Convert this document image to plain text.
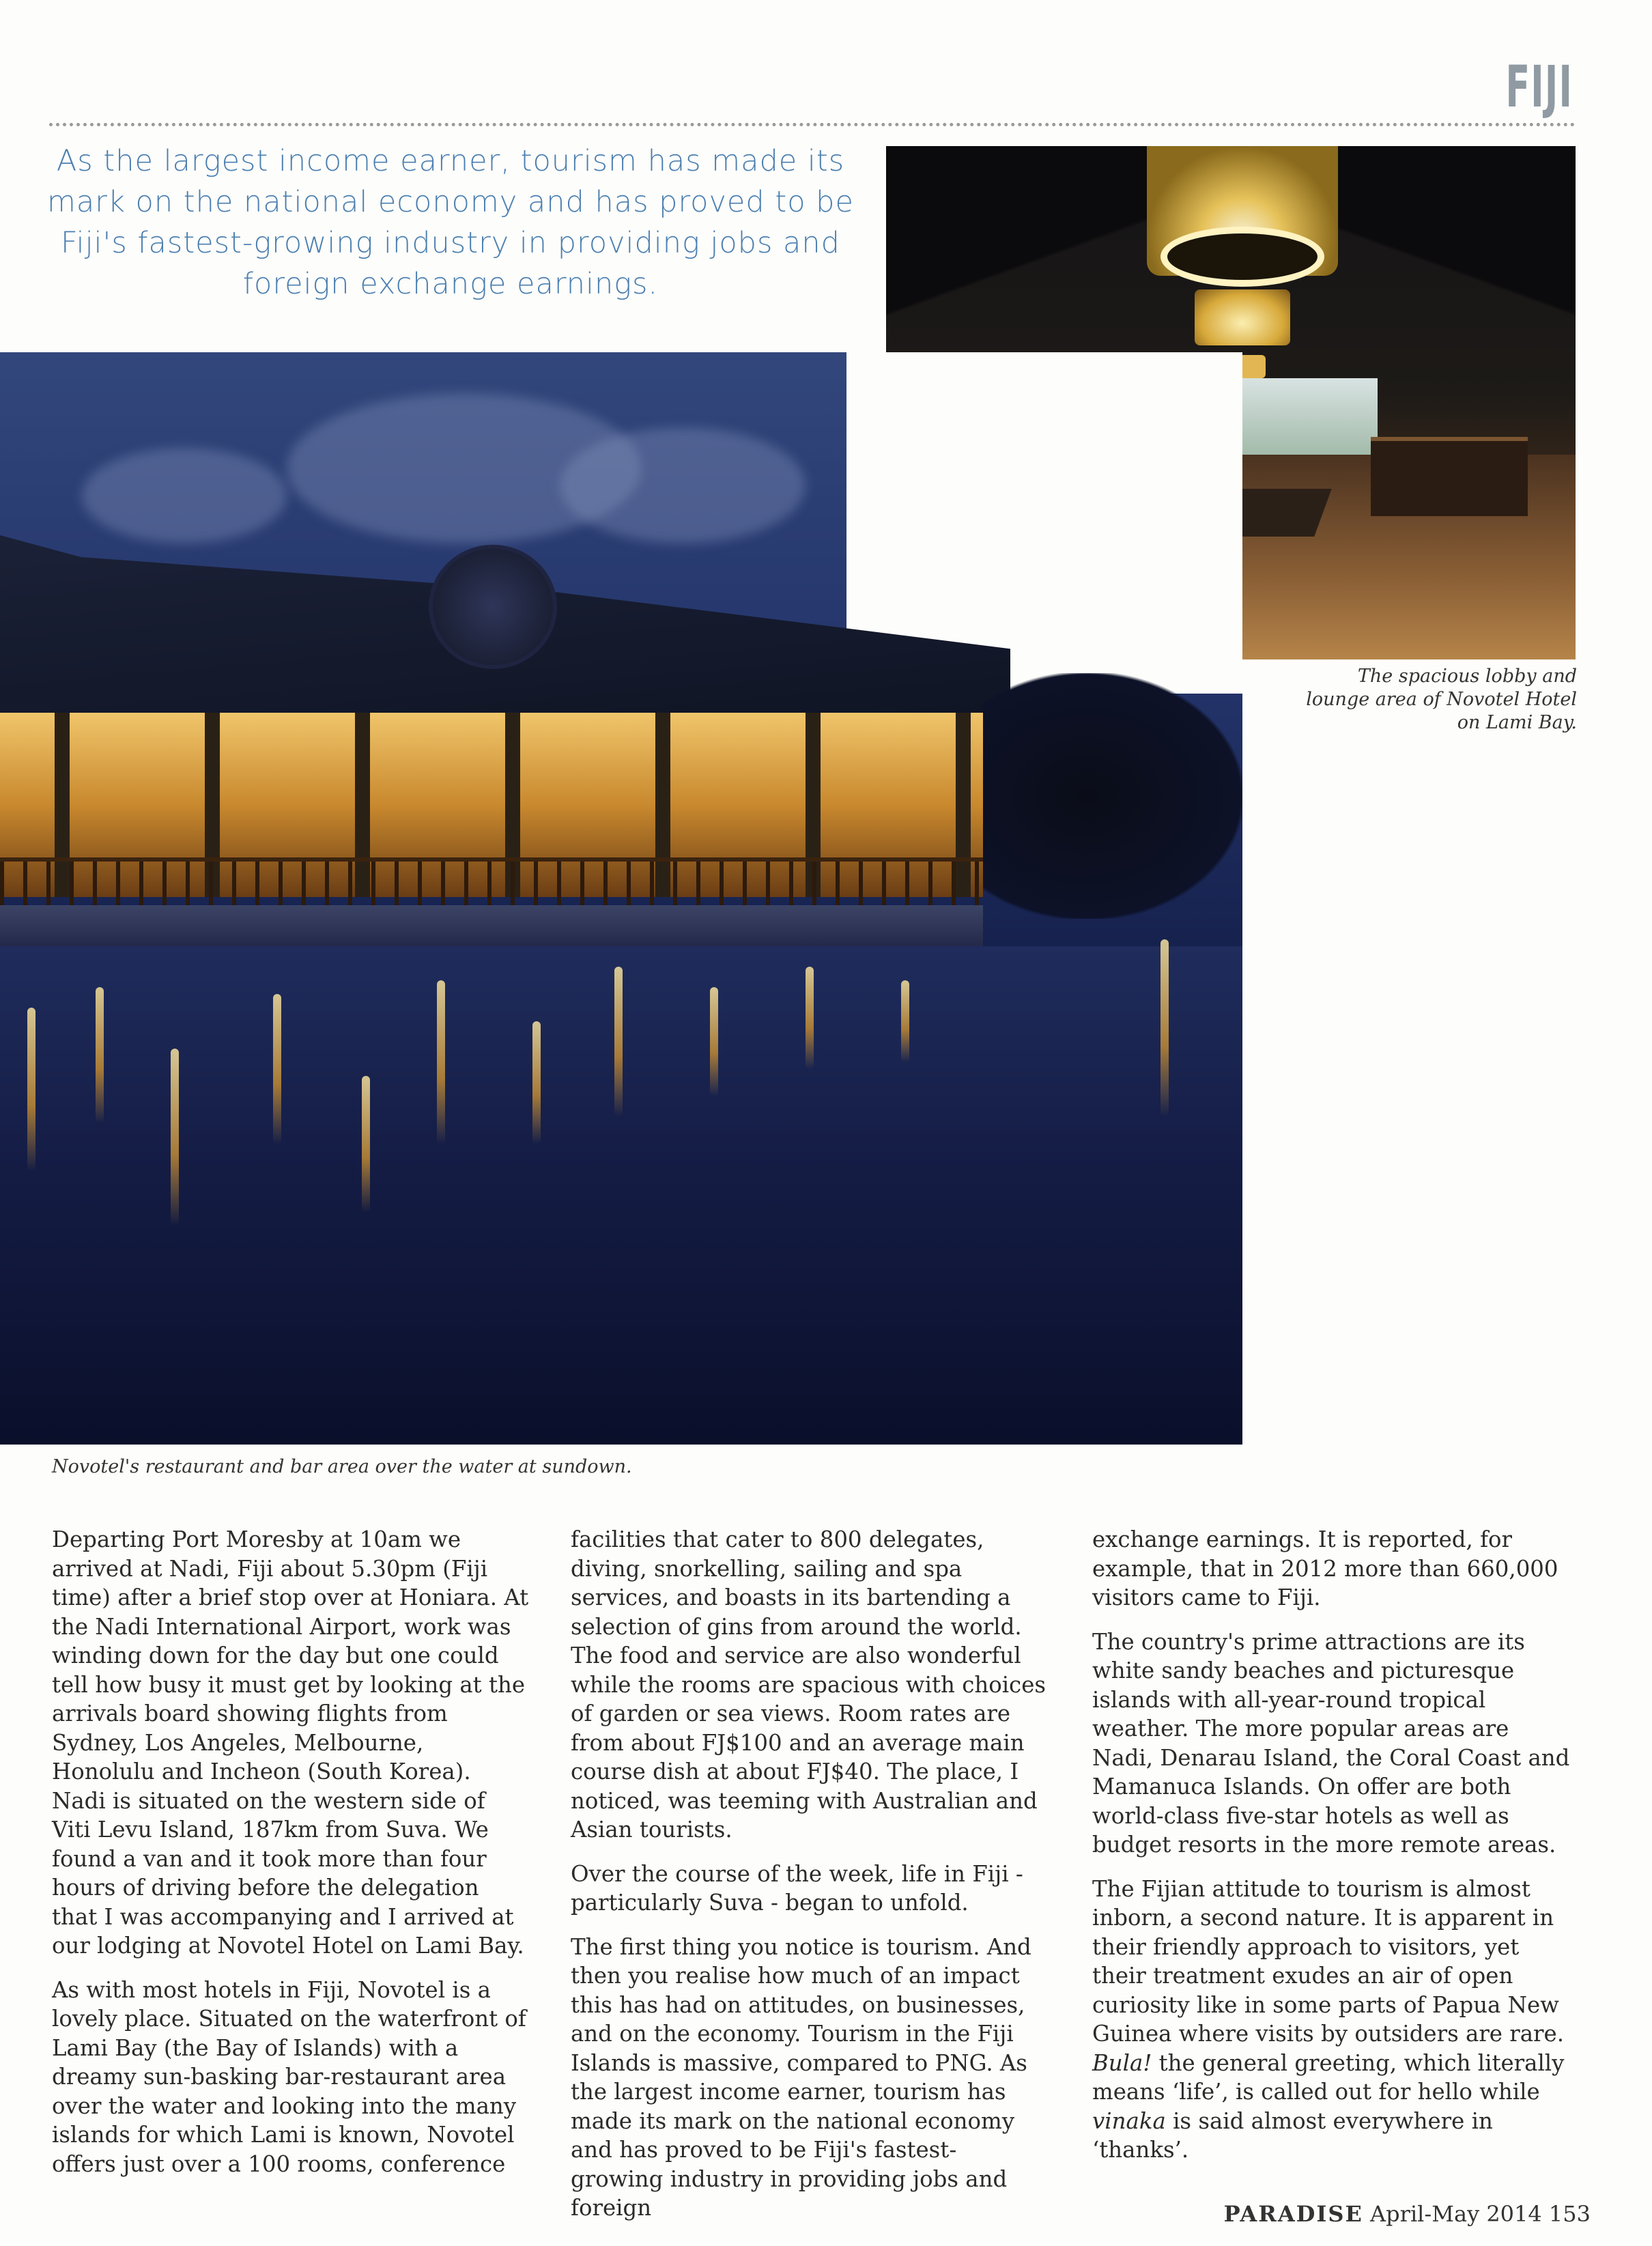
FIJI
As the largest income earner, tourism has made its mark on the national economy and has proved to be Fiji's fastest-growing industry in providing jobs and foreign exchange earnings.
The spacious lobby and lounge area of Novotel Hotel on Lami Bay.
Novotel's restaurant and bar area over the water at sundown.

Departing Port Moresby at 10am we arrived at Nadi, Fiji about 5.30pm (Fiji time) after a brief stop over at Honiara. At the Nadi International Airport, work was winding down for the day but one could tell how busy it must get by looking at the arrivals board showing flights from Sydney, Los Angeles, Melbourne, Honolulu and Incheon (South Korea). Nadi is situated on the western side of Viti Levu Island, 187km from Suva. We found a van and it took more than four hours of driving before the delegation that I was accompanying and I arrived at our lodging at Novotel Hotel on Lami Bay.

As with most hotels in Fiji, Novotel is a lovely place. Situated on the waterfront of Lami Bay (the Bay of Islands) with a dreamy sun-basking bar-restaurant area over the water and looking into the many islands for which Lami is known, Novotel offers just over a 100 rooms, conference

facilities that cater to 800 delegates, diving, snorkelling, sailing and spa services, and boasts in its bartending a selection of gins from around the world. The food and service are also wonderful while the rooms are spacious with choices of garden or sea views. Room rates are from about FJ$100 and an average main course dish at about FJ$40. The place, I noticed, was teeming with Australian and Asian tourists.

Over the course of the week, life in Fiji - particularly Suva - began to unfold.

The first thing you notice is tourism. And then you realise how much of an impact this has had on attitudes, on businesses, and on the economy. Tourism in the Fiji Islands is massive, compared to PNG. As the largest income earner, tourism has made its mark on the national economy and has proved to be Fiji's fastest-growing industry in providing jobs and foreign

exchange earnings. It is reported, for example, that in 2012 more than 660,000 visitors came to Fiji.

The country's prime attractions are its white sandy beaches and picturesque islands with all-year-round tropical weather. The more popular areas are Nadi, Denarau Island, the Coral Coast and Mamanuca Islands. On offer are both world-class five-star hotels as well as budget resorts in the more remote areas.

The Fijian attitude to tourism is almost inborn, a second nature. It is apparent in their friendly approach to visitors, yet their treatment exudes an air of open curiosity like in some parts of Papua New Guinea where visits by outsiders are rare. Bula! the general greeting, which literally means ‘life’, is called out for hello while vinaka is said almost everywhere in ‘thanks’.

PARADISE April-May 2014 153
